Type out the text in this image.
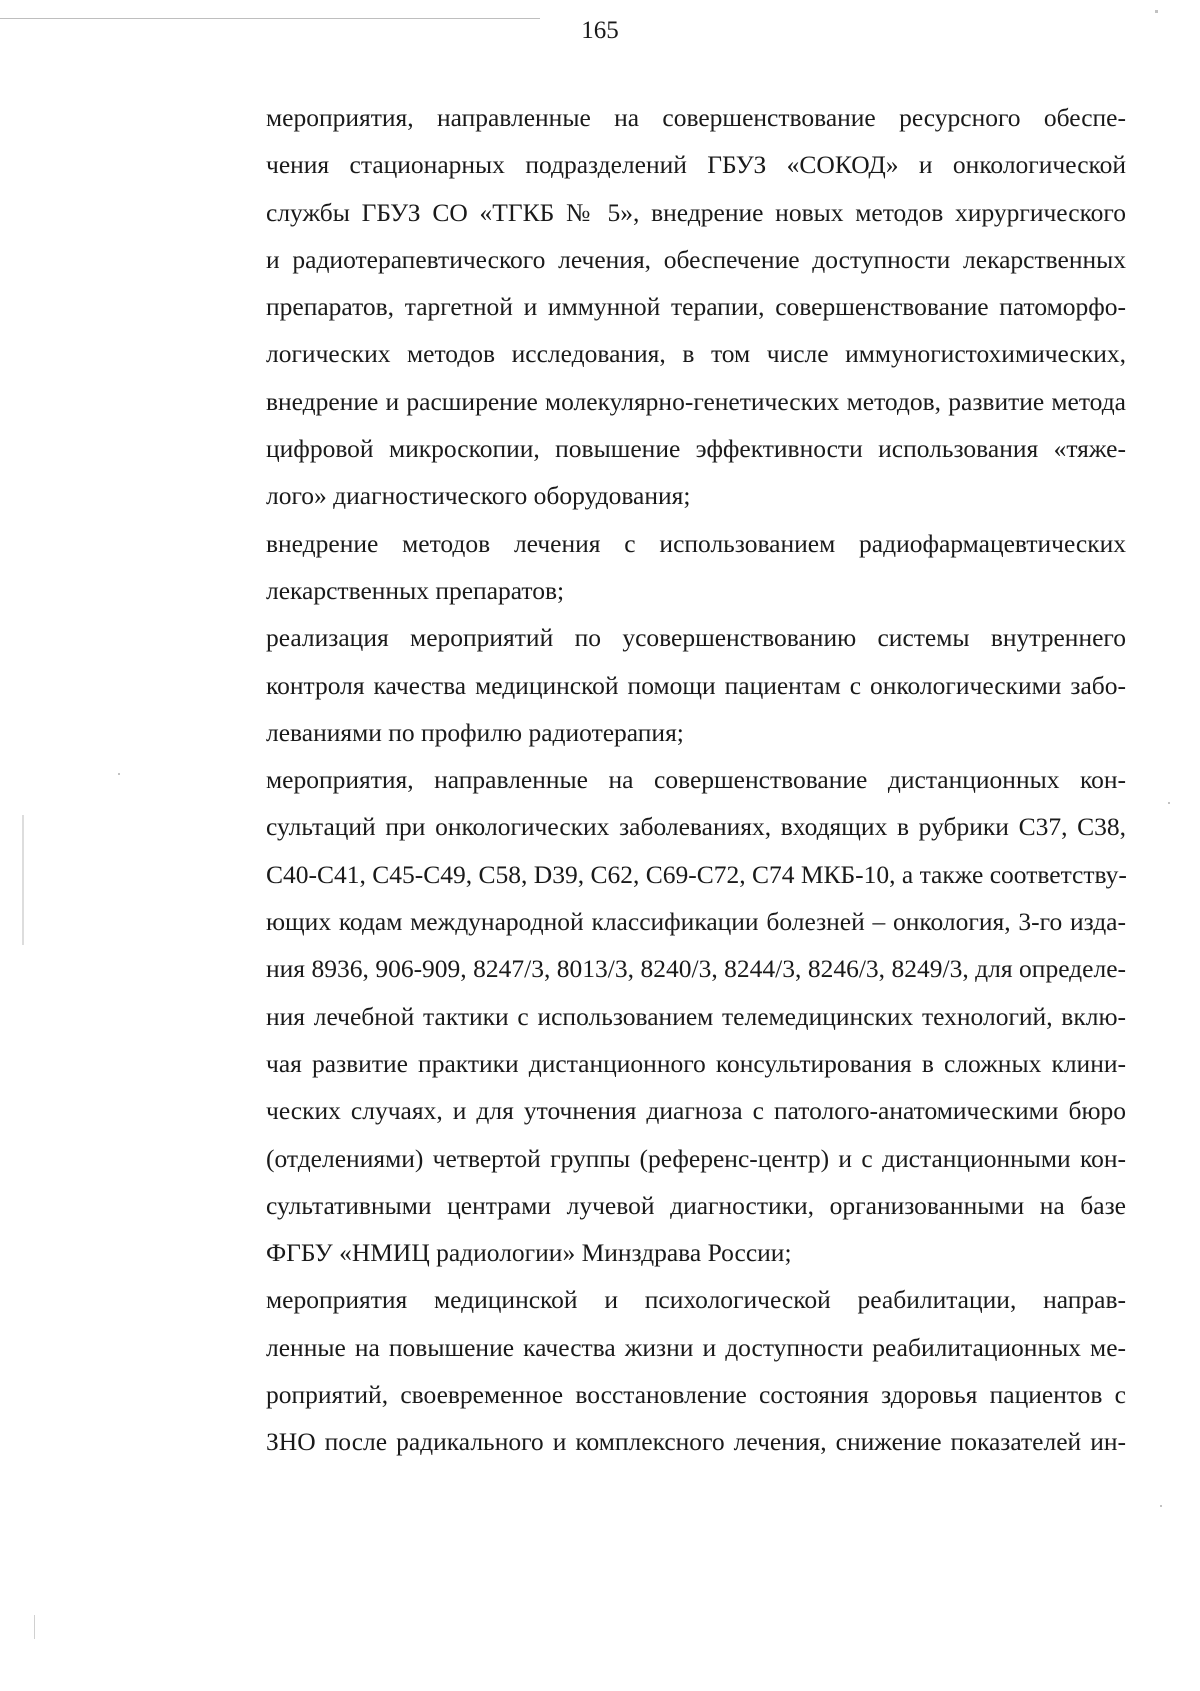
165

мероприятия, направленные на совершенствование ресурсного обеспе-
чения стационарных подразделений ГБУЗ «СОКОД» и онкологической
службы ГБУЗ СО «ТГКБ № 5», внедрение новых методов хирургического
и радиотерапевтического лечения, обеспечение доступности лекарственных
препаратов, таргетной и иммунной терапии, совершенствование патоморфо-
логических методов исследования, в том числе иммуногистохимических,
внедрение и расширение молекулярно-генетических методов, развитие метода
цифровой микроскопии, повышение эффективности использования «тяже-
лого» диагностического оборудования;

внедрение методов лечения с использованием радиофармацевтических
лекарственных препаратов;

реализация мероприятий по усовершенствованию системы внутреннего
контроля качества медицинской помощи пациентам с онкологическими забо-
леваниями по профилю радиотерапия;

мероприятия, направленные на совершенствование дистанционных кон-
сультаций при онкологических заболеваниях, входящих в рубрики С37, С38,
С40-С41, С45-С49, С58, D39, С62, С69-С72, С74 МКБ-10, а также соответству-
ющих кодам международной классификации болезней – онкология, 3-го изда-
ния 8936, 906-909, 8247/3, 8013/3, 8240/3, 8244/3, 8246/3, 8249/3, для определе-
ния лечебной тактики с использованием телемедицинских технологий, вклю-
чая развитие практики дистанционного консультирования в сложных клини-
ческих случаях, и для уточнения диагноза с патолого-анатомическими бюро
(отделениями) четвертой группы (референс-центр) и с дистанционными кон-
сультативными центрами лучевой диагностики, организованными на базе
ФГБУ «НМИЦ радиологии» Минздрава России;

мероприятия медицинской и психологической реабилитации, направ-
ленные на повышение качества жизни и доступности реабилитационных ме-
роприятий, своевременное восстановление состояния здоровья пациентов с
ЗНО после радикального и комплексного лечения, снижение показателей ин-
